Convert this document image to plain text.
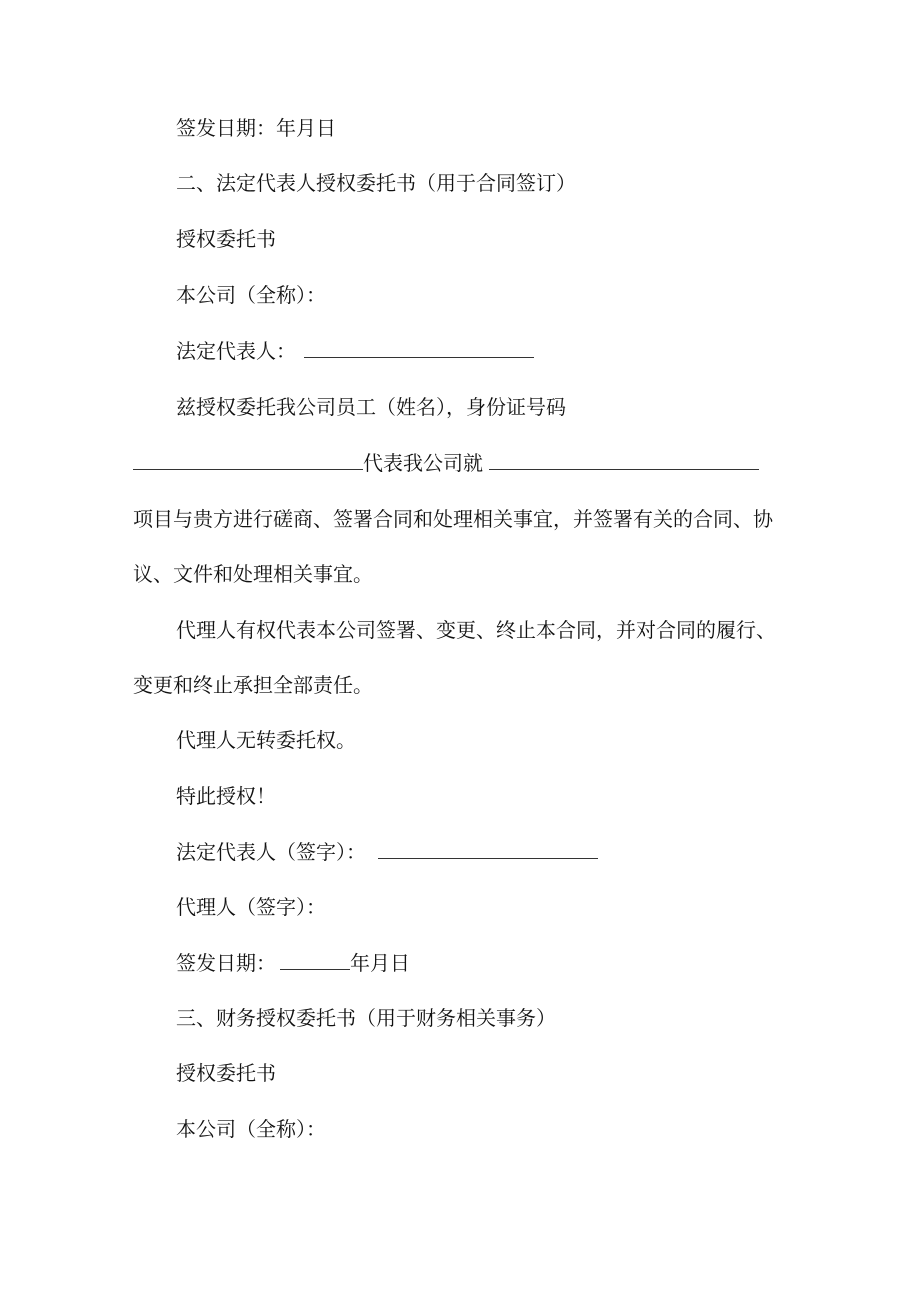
签发日期：年月日
二、法定代表人授权委托书（用于合同签订）
授权委托书
本公司（全称）：
法定代表人：
兹授权委托我公司员工（姓名），身份证号码
代表我公司就
项目与贵方进行磋商、签署合同和处理相关事宜，并签署有关的合同、协
议、文件和处理相关事宜。
代理人有权代表本公司签署、变更、终止本合同，并对合同的履行、
变更和终止承担全部责任。
代理人无转委托权。
特此授权！
法定代表人（签字）：
代理人（签字）：
签发日期：	年月日
三、财务授权委托书（用于财务相关事务）
授权委托书
本公司（全称）：
